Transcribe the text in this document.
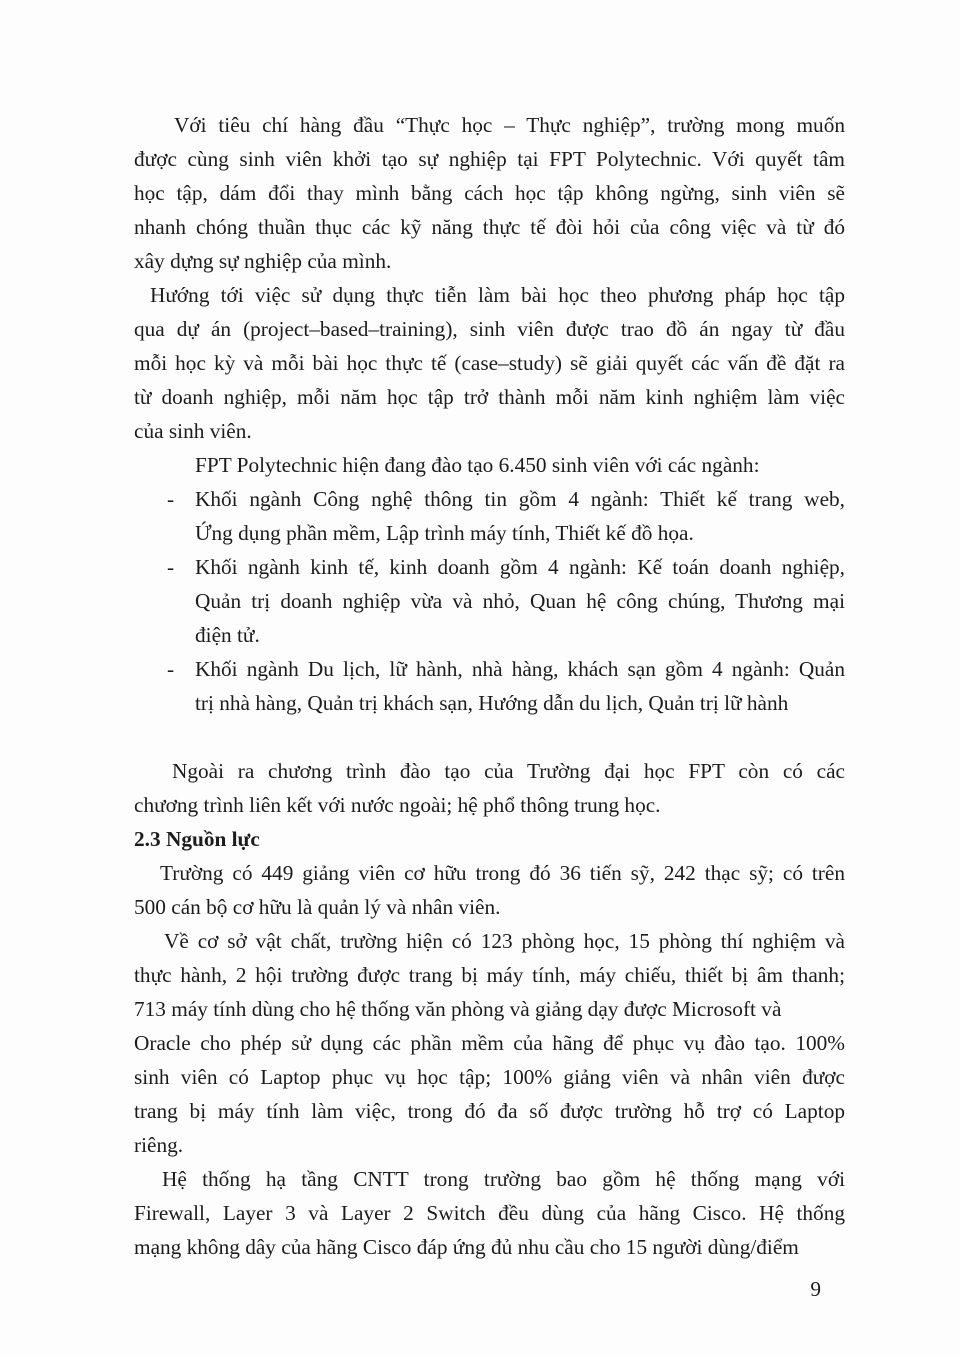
Với tiêu chí hàng đầu “Thực học – Thực nghiệp”, trường mong muốn
được cùng sinh viên khởi tạo sự nghiệp tại FPT Polytechnic. Với quyết tâm
học tập, dám đổi thay mình bằng cách học tập không ngừng, sinh viên sẽ
nhanh chóng thuần thục các kỹ năng thực tế đòi hỏi của công việc và từ đó
xây dựng sự nghiệp của mình.
Hướng tới việc sử dụng thực tiễn làm bài học theo phương pháp học tập
qua dự án (project–based–training), sinh viên được trao đồ án ngay từ đầu
mỗi học kỳ và mỗi bài học thực tế (case–study) sẽ giải quyết các vấn đề đặt ra
từ doanh nghiệp, mỗi năm học tập trở thành mỗi năm kinh nghiệm làm việc
của sinh viên.
FPT Polytechnic hiện đang đào tạo 6.450 sinh viên với các ngành:
- Khối ngành Công nghệ thông tin gồm 4 ngành: Thiết kế trang web,
Ứng dụng phần mềm, Lập trình máy tính, Thiết kế đồ họa.
- Khối ngành kinh tế, kinh doanh gồm 4 ngành: Kế toán doanh nghiệp,
Quản trị doanh nghiệp vừa và nhỏ, Quan hệ công chúng, Thương mại
điện tử.
- Khối ngành Du lịch, lữ hành, nhà hàng, khách sạn gồm 4 ngành: Quản
trị nhà hàng, Quản trị khách sạn, Hướng dẫn du lịch, Quản trị lữ hành
Ngoài ra chương trình đào tạo của Trường đại học FPT còn có các
chương trình liên kết với nước ngoài; hệ phổ thông trung học.
2.3 Nguồn lực
Trường có 449 giảng viên cơ hữu trong đó 36 tiến sỹ, 242 thạc sỹ; có trên
500 cán bộ cơ hữu là quản lý và nhân viên.
Về cơ sở vật chất, trường hiện có 123 phòng học, 15 phòng thí nghiệm và
thực hành, 2 hội trường được trang bị máy tính, máy chiếu, thiết bị âm thanh;
713 máy tính dùng cho hệ thống văn phòng và giảng dạy được Microsoft và
Oracle cho phép sử dụng các phần mềm của hãng để phục vụ đào tạo. 100%
sinh viên có Laptop phục vụ học tập; 100% giảng viên và nhân viên được
trang bị máy tính làm việc, trong đó đa số được trường hỗ trợ có Laptop
riêng.
Hệ thống hạ tầng CNTT trong trường bao gồm hệ thống mạng với
Firewall, Layer 3 và Layer 2 Switch đều dùng của hãng Cisco. Hệ thống
mạng không dây của hãng Cisco đáp ứng đủ nhu cầu cho 15 người dùng/điểm
9
